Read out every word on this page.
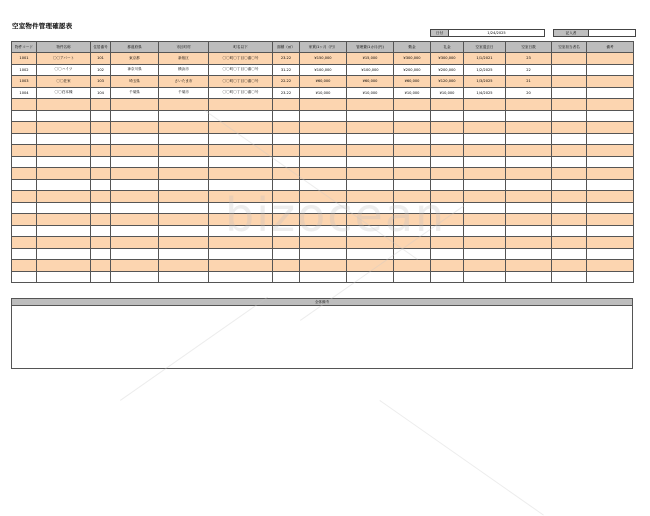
空室物件管理確認表
日付	1/24/2025		記入者	
物件コード	物件名称	住居番号	都道府県	市区町村	町名以下	面積（㎡）	家賃/1ヶ月（円）	管理費/1カ月(円)	敷金	礼金	空室退去日	空室日数	空室担当者名	備考
1001	〇〇アパート	101	東京都	新宿区	〇〇町〇丁目〇番〇号	23.22	¥150,000	¥15,000	¥300,000	¥300,000	1/1/2021	23		
1002	〇〇ハイツ	102	神奈川県	横浜市	〇〇町〇丁目〇番〇号	31.22	¥100,000	¥100,000	¥200,000	¥200,000	1/2/2025	22		
1003	〇〇荘家	103	埼玉県	さいたま市	〇〇町〇丁目〇番〇号	22.22	¥60,000	¥60,000	¥60,000	¥120,000	1/3/2025	21		
1004	〇〇荘本棟	104	千葉県	千葉市	〇〇町〇丁目〇番〇号	23.22	¥10,000	¥10,000	¥10,000	¥10,000	1/4/2025	20		

全体備考
bizocean
